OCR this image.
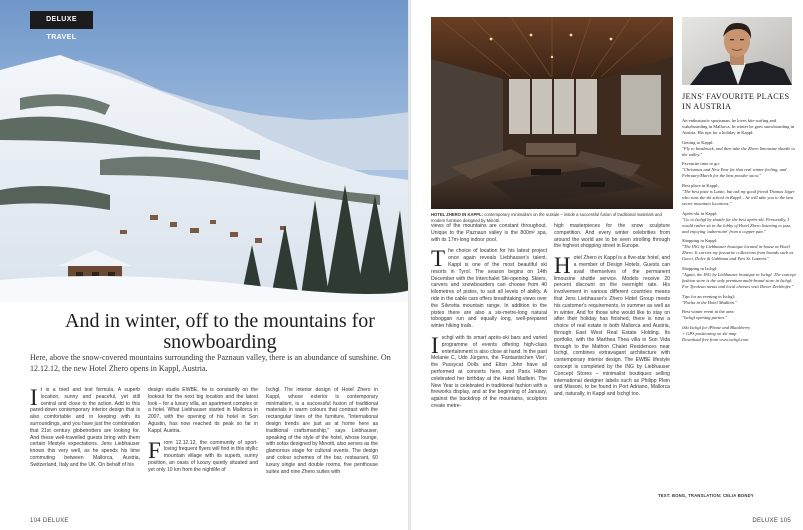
DELUXE TRAVEL
And in winter, off to the mountains for snowboarding
Here, above the snow-covered mountains surrounding the Paznaun valley, there is an abundance of sunshine. On 12.12.12, the new Hotel Zhero opens in Kappl, Austria.

It is a tried and test formula. A superb location, sunny and peaceful, yet still central and close to the action. Add to this pared-down contemporary interior design that is also comfortable and in keeping with its surroundings, and you have just the combination that 21st century globetrotters are looking for. And these well-travelled guests bring with them certain lifestyle expectations. Jens Liebhauser knows this very well, as he spends his time commuting between Mallorca, Austria, Switzerland, Italy and the UK. On behalf of his

design studio EWBE, he is constantly on the lookout for the next big location and the latest look – for a luxury villa, an apartment complex or a hotel. What Liebhauser started in Mallorca in 2007, with the opening of his hotel in Son Agustin, has now reached its peak so far in Kappl, Austria.

From 12.12.12, the community of sport-loving frequent flyers will find in this idyllic mountain village with its superb, sunny position, an oasis of luxury quietly situated and yet only 10 km from the nightlife of

Ischgl. The interior design of Hotel Zhero in Kappl, whose exterior is contemporary minimalism, is a successful fusion of traditional materials in warm colours that contrast with the rectangular lines of the furniture. "International design trends are just as at home here as traditional craftsmanship," says Liebhauser, speaking of the style of the hotel, whose lounge, with sofas designed by Minotti, also serves as the glamorous stage for cultural events. The design and colour schemes of the bar, restaurant, 60 luxury single and double rooms, five penthouse suites and nine Zhero suites with

104 DELUXE
HOTEL ZHERO IN KAPPL: contemporary minimalism on the outside – inside a successful fusion of traditional materials and modern furniture designed by Minotti.

views of the mountains are constant throughout. Unique to the Paznaun valley is the 800m² spa, with its 17m-long indoor pool.

The choice of location for his latest project once again reveals Liebhauser's talent. Kappl is one of the most beautiful ski resorts in Tyrol. The season begins on 14th December with the Interchalet Ski-opening. Skiers, carvers and snowboarders can choose from 40 kilometres of pistes, to suit all levels of ability. A ride in the cable cars offers breathtaking views over the Silvretta mountain range. In addition to the pistes there are also a six-metre-long natural toboggan run and equally long, well-prepared winter hiking trails.

Ischgl with its smart après-ski bars and varied programme of events offering high-class entertainment is also close at hand. In the past Melanie C, Udo Jürgens, the 'Fantastischen Vier', the Pussycat Dolls and Elton John have all performed at concerts here, and Paris Hilton celebrated her birthday at the Hotel Madlein. The New Year is celebrated in traditional fashion with a fireworks display, and at the beginning of January, against the backdrop of the mountains, sculptors create metre-

high masterpieces for the snow sculpture competition. And every winter celebrities from around the world are to be seen strolling through the highest shopping street in Europe.

Hotel Zhero in Kappl is a five-star hotel, and a member of Design Hotels. Guests can avail themselves of the permanent limousine shuttle service. Models receive 20 percent discount on the overnight rate. His involvement in various different countries means that Jens Liebhauser's Zhero Hotel Group meets his customer's requirements, in summer as well as in winter. And for those who would like to stay on after their holiday has finished, there is now a choice of real estate in both Mallorca and Austria, through East West Real Estate Holding. Its portfolio, with the Marthea Thea villa in Son Vida through to the Mathon Chalet Residences near Ischgl, combines extravagant architecture with contemporary interior design. The EWBE lifestyle concept is completed by the ING by Liebhauser Concept Stores – minimalist boutiques selling international designer labels such as Philipp Plein and Missoni, to be found in Port Adriano, Mallorca and, naturally, in Kappl and Ischgl too.

TEXT: BONG, TRANSLATION: CELIA BONDY
JENS' FAVOURITE PLACES IN AUSTRIA

An enthusiastic sportsman, he loves kite surfing and wakeboarding in Mallorca. In winter he goes snowboarding in Austria. His tips for a holiday in Kappl:

Getting to Kappl:
"Fly to Innsbruck, and then take the Zhero limousine shuttle to the valley."

Favourite time to go:
"Christmas and New Year for that real winter feeling, and February/March for the best powder snow."

Best place in Kappl:
"The best piste is Lattie, but ask my good friend Thomas Jäger who runs the ski school in Kappl – he will take you to the best secret mountain locations."

Après-ski in Kappl:
"Go to Ischgl by shuttle for the best après-ski. Personally, I would rather sit in the lobby of Hotel Zhero listening to jazz, and enjoying 'aubernoire' from a copper pan."

Shopping in Kappl:
"The ING by Liebhauser boutique located in-house at Hotel Zhero. It carries my favourite collections from brands such as Gucci, Dolce & Gabbana and Yves St. Laurent."

Shopping in Ischgl:
"Again, the ING by Liebhauser boutique in Ischgl. The concept fashion store is the only premium multi-brand store in Ischgl. For Tyrolean meats and local cheeses visit Dieter Zechhofer."

Tips for an evening in Ischgl:
"Pacha in the Hotel Madlein."

Best winter event in the area:
"Ischgl opening parties."

iSki Ischgl for iPhone and Blackberry
+ GPS positioning on ski map
Download free from www.ischgl.com

DELUXE 105
